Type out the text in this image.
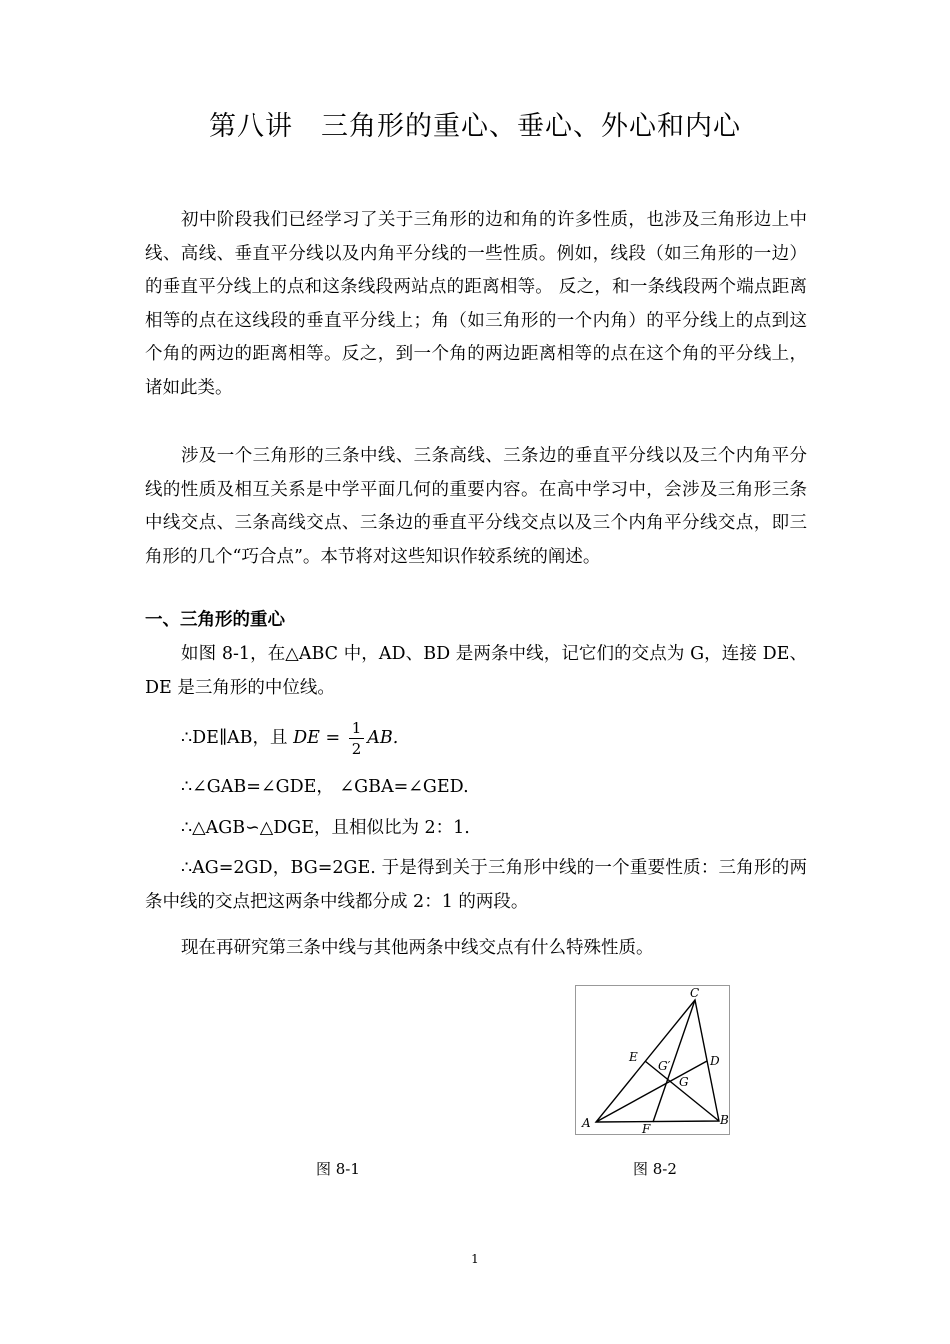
第八讲　三角形的重心、垂心、外心和内心
初中阶段我们已经学习了关于三角形的边和角的许多性质，也涉及三角形边上中线、高线、垂直平分线以及内角平分线的一些性质。例如，线段（如三角形的一边）的垂直平分线上的点和这条线段两站点的距离相等。 反之，和一条线段两个端点距离相等的点在这线段的垂直平分线上；角（如三角形的一个内角）的平分线上的点到这个角的两边的距离相等。反之，到一个角的两边距离相等的点在这个角的平分线上，诸如此类。
涉及一个三角形的三条中线、三条高线、三条边的垂直平分线以及三个内角平分线的性质及相互关系是中学平面几何的重要内容。在高中学习中，会涉及三角形三条中线交点、三条高线交点、三条边的垂直平分线交点以及三个内角平分线交点，即三角形的几个“巧合点”。本节将对这些知识作较系统的阐述。
一、三角形的重心
如图 8-1，在△ABC 中，AD、BD 是两条中线，记它们的交点为 G，连接 DE、DE 是三角形的中位线。
∴DE∥AB，且 DE = $\frac{1}{2}$ AB.
∴∠GAB=∠GDE， ∠GBA=∠GED.
∴△AGB∽△DGE，且相似比为 2：1.
∴AG=2GD，BG=2GE. 于是得到关于三角形中线的一个重要性质：三角形的两条中线的交点把这两条中线都分成 2：1 的两段。
现在再研究第三条中线与其他两条中线交点有什么特殊性质。
C
A	B
D
E
F
G
G′
图 8-1	图 8-2
1
